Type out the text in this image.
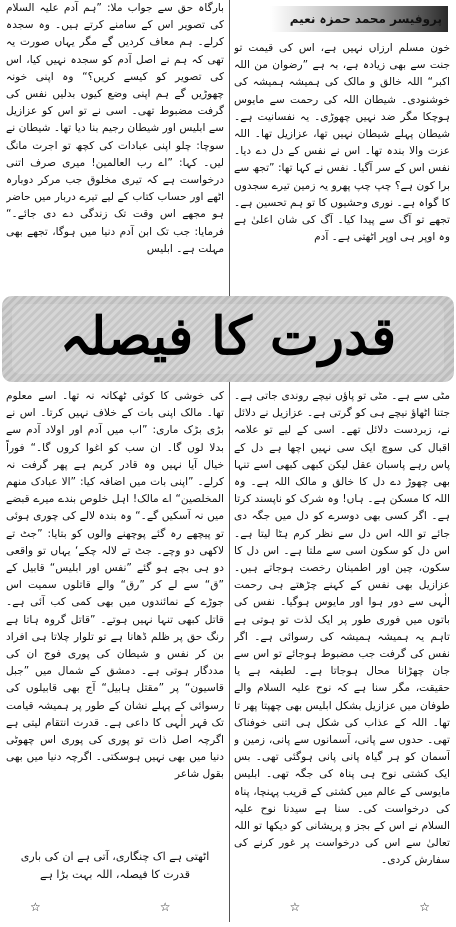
پروفیسر محمد حمزہ نعیم

خون مسلم ارزاں نہیں ہے، اس کی قیمت تو جنت سے بھی زیادہ ہے، بہ ہے ”رضوان من اللہ اکبر“ اللہ خالق و مالک کی ہمیشہ ہمیشہ کی خوشنودی۔ شیطان اللہ کی رحمت سے مایوس ہوچکا مگر ضد نہیں چھوڑی۔ یہ نفسانیت ہے۔ شیطان پہلے شیطان نہیں تھا، عزازیل تھا۔ اللہ عزت والا بندہ تھا۔ اس نے نفس کے دل دے دیا۔ نفس اس کے سر آگیا۔ نفس نے کہا تھا: ”تجھ سے برا کون ہے؟ چپ چپ پھرو یہ زمین تیرے سجدوں کا گواہ ہے۔ نوری وحشیوں کا تو ہم تحسین ہے۔ تجھے تو آگ سے پیدا کیا۔ آگ کی شان اعلیٰ ہے وہ اوپر ہی اوپر اٹھتی ہے۔ آدم

بارگاہ حق سے جواب ملا: ”ہم آدم علیہ السلام کی تصویر اس کے سامنے کرتے ہیں۔ وہ سجدہ کرلے۔ ہم معاف کردیں گے مگر یہاں صورت یہ تھی کہ ہم نے اصل آدم کو سجدہ نہیں کیا، اس کی تصویر کو کیسے کریں؟“ وہ اپنی خونہ چھوڑیں گے ہم اپنی وضع کیوں بدلیں نفس کی گرفت مضبوط تھی۔ اسی نے تو اس کو عزازیل سے ابلیس اور شیطان رجیم بنا دیا تھا۔ شیطان نے سوچا: چلو اپنی عبادات کی کچھ تو اجرت مانگ لیں۔ کہا: ”اے رب العالمین! میری صرف اتنی درخواست ہے کہ تیری مخلوق جب مرکر دوبارہ اٹھے اور حساب کتاب کے لیے تیرے دربار میں حاضر ہو مجھے اس وقت تک زندگی دے دی جائے۔“ فرمایا: جب تک ابن آدم دنیا میں ہوگا، تجھے بھی مہلت ہے۔ ابلیس

قدرت کا فیصلہ

مٹی سے ہے۔ مٹی تو پاؤں نیچے روندی جاتی ہے۔ جتنا اٹھاؤ نیچے ہی کو گرتی ہے۔ عزازیل نے دلائل نے، زبردست دلائل تھے۔ اسی کے لیے تو علامہ اقبال کی سوچ ایک سی نہیں اچھا ہے دل کے پاس رہے پاسبان عقل لیکن کبھی کبھی اسے تنہا بھی چھوڑ دے دل کا خالق و مالک اللہ ہے۔ وہ اللہ کا مسکن ہے۔ ہاں! وہ شرک کو ناپسند کرتا ہے۔ اگر کسی بھی دوسرے کو دل میں جگہ دی جائے تو اللہ اس دل سے نظر کرم ہٹا لیتا ہے۔ اس دل کو سکون اسی سے ملتا ہے۔ اس دل کا سکون، چین اور اطمینان رخصت ہوجاتے ہیں۔ عزازیل بھی نفس کے کہنے چڑھتے ہی رحمت الٰہی سے دور ہوا اور مایوس ہوگیا۔ نفس کی باتوں میں فوری طور پر ایک لذت تو ہوتی ہے تاہم یہ ہمیشہ ہمیشہ کی رسوائی ہے۔ اگر نفس کی گرفت جب مضبوط ہوجائے تو اس سے جان چھڑانا محال ہوجاتا ہے۔ لطیفہ ہے یا حقیقت، مگر سنا ہے کہ نوح علیہ السلام والے طوفان میں عزازیل بشکل ابلیس بھی چھپتا پھر تا تھا۔ اللہ کے عذاب کی شکل ہی اتنی خوفناک تھی۔ حدوں سے پانی، آسمانوں سے پانی، زمین و آسمان کو ہر گیاہ پانی پانی ہوگئی تھی۔ بس ایک کشتی نوح ہی پناہ کی جگہ تھی۔ ابلیس مایوسی کے عالم میں کشتی کے قریب پہنچا، پناہ کی درخواست کی۔ سنا ہے سیدنا نوح علیہ السلام نے اس کے بجز و پریشانی کو دیکھا تو اللہ تعالیٰ سے اس کی درخواست پر غور کرنے کی سفارش کردی۔

کی خوشی کا کوئی ٹھکانہ نہ تھا۔ اسے معلوم تھا۔ مالک اپنی بات کے خلاف نہیں کرتا۔ اس نے بڑی بڑک ماری: ”اب میں آدم اور اولاد آدم سے بدلا لوں گا۔ ان سب کو اغوا کروں گا۔“ فوراً خیال آیا نہیں وہ قادر کریم ہے پھر گرفت نہ کرلے۔ ”اپنی بات میں اضافہ کیا: ”الا عبادک منهم المخلصین“ اے مالک! اہل خلوص بندے میرے قبضے میں نہ آسکیں گے۔“ وہ بندہ لالے کی چوری ہوئی تو پیچھے رہ گئے پوچھنے والوں کو بتایا: ”جٹ تے لاکھی دو وچے۔ جٹ تے لالہ چکے‘ یہاں تو واقعی دو ہی بچے ہو گئے ”نفس اور ابلیس“ قابیل کے ”ق“ سے لے کر ”رق“ والے قاتلوں سمیت اس جوڑے کے نمائندوں میں بھی کمی کب آئی ہے۔ قاتل کبھی تنہا نہیں ہوتے۔ ”قاتل گروہ ہاتا ہے رنگ حق پر ظلم ڈھانا ہے تو تلوار چلاتا ہی افراد بن کر نفس و شیطان کی پوری فوج ان کی مددگار ہوتی ہے۔ دمشق کے شمال میں ”جبل قاسیون“ پر ”مقتل ہابیل“ آج بھی قابیلوں کی رسوائی کے پہلے نشان کے طور پر ہمیشہ قیامت تک قہر الٰہی کا داعی ہے۔ قدرت انتقام لیتی ہے اگرچہ اصل ذات تو پوری کی پوری اس چھوٹی دنیا میں بھی نہیں ہوسکتی۔ اگرچہ دنیا میں بھی بقول شاعر

اٹھتی ہے اک چنگاری، آتی ہے ان کی باری
قدرت کا فیصلہ، اللہ بہت بڑا ہے
☆	☆	☆	☆
